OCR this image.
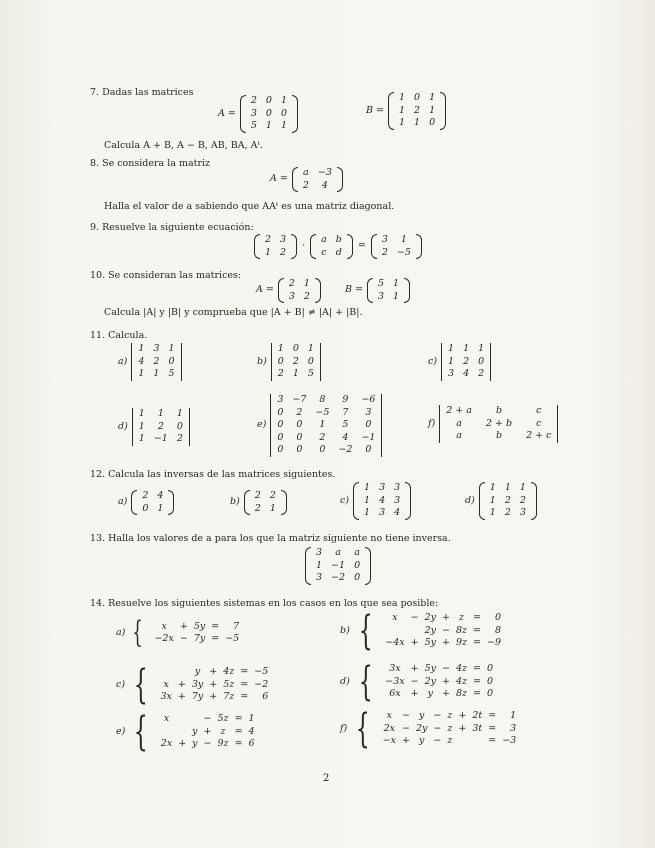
7. Dadas las matrices
A =
2 0 1
3 0 0
5 1 1
B =
1 0 1
1 2 1
1 1 0
Calcula A + B, A − B, AB, BA, Aᵗ.
8. Se considera la matriz
A =
a −3
2	4
Halla el valor de a sabiendo que AAᵗ es una matriz diagonal.
9. Resuelve la siguiente ecuación:
2 3
1 2
·
a b
c d
=
3	1
2 −5
10. Se consideran las matrices:
A =
2 1
3 2
B =
5 1
3 1
Calcula |A| y |B| y comprueba que |A + B| ≠ |A| + |B|.
11. Calcula.
a)
1 3 1
4 2 0
1 1 5
b)
1 0 1
0 2 0
2 1 5
c)
1 1 1
1 2 0
3 4 2
d)
1	1	1
1	2	0
1 −1 2
e)
3 −7	8	9	−6
0	2	−5	7	3
0	0	1	5	0
0	0	2	4	−1
0	0	0	−2	0
f)
2 + a	b	c
a	2 + b	c
a	b	2 + c
12. Calcula las inversas de las matrices siguientes.
a)
2 4
0 1
b)
2 2
2 1
c)
1 3 3
1 4 3
1 3 4
d)
1 1 1
1 2 2
1 2 3
13. Halla los valores de a para los que la matriz siguiente no tiene inversa.
3	a	a
1 −1 0
3 −2 0
14. Resuelve los siguientes sistemas en los casos en los que sea posible:
a) { x	+	5y	=	7
−2x	−	7y	=	−5
b) { x	−	2y	+	z	=	0
		2y	−	8z	=	8
−4x	+	5y	+	9z	=	−9
c) {
			y	+	4z	=	−5
x	+	3y	+	5z	=	−2
3x	+	7y	+	7z	=	6
d) { 3x	+	5y	−	4z	=	0
−3x	−	2y	+	4z	=	0
6x	+	y	+	8z	=	0
e) { x			−	5z	=	1
		y	+	z	=	4
2x	+	y	−	9z	=	6
f) { x	−	y	−	z	+	2t	=	1
2x	−	2y	−	z	+	3t	=	3
−x	+	y	−	z			=	−3
2
